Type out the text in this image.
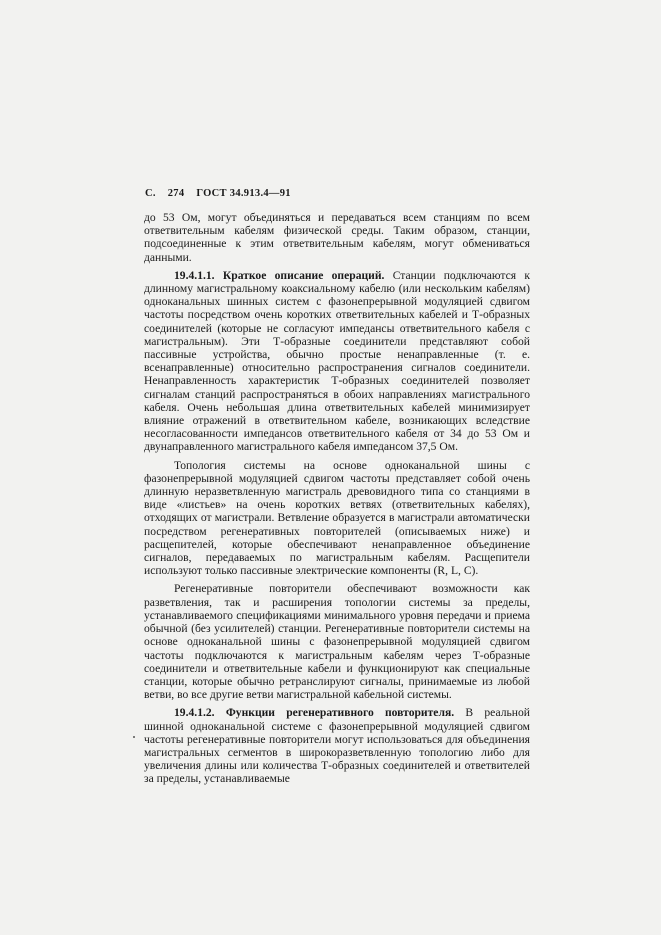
С. 274 ГОСТ 34.913.4—91

до 53 Ом, могут объединяться и передаваться всем станциям по всем ответвительным кабелям физической среды. Таким образом, станции, подсоединенные к этим ответвительным кабелям, могут обмениваться данными.

19.4.1.1. Краткое описание операций. Станции подключаются к длинному магистральному коаксиальному кабелю (или нескольким кабелям) одноканальных шинных систем с фазонепрерывной модуляцией сдвигом частоты посредством очень коротких ответвительных кабелей и Т-образных соединителей (которые не согласуют импедансы ответвительного кабеля с магистральным). Эти Т-образные соединители представляют собой пассивные устройства, обычно простые ненаправленные (т. е. всенаправленные) относительно распространения сигналов соединители. Ненаправленность характеристик Т-образных соединителей позволяет сигналам станций распространяться в обоих направлениях магистрального кабеля. Очень небольшая длина ответвительных кабелей минимизирует влияние отражений в ответвительном кабеле, возникающих вследствие несогласованности импедансов ответвительного кабеля от 34 до 53 Ом и двунаправленного магистрального кабеля импедансом 37,5 Ом.

Топология системы на основе одноканальной шины с фазонепрерывной модуляцией сдвигом частоты представляет собой очень длинную неразветвленную магистраль древовидного типа со станциями в виде «листьев» на очень коротких ветвях (ответвительных кабелях), отходящих от магистрали. Ветвление образуется в магистрали автоматически посредством регенеративных повторителей (описываемых ниже) и расщепителей, которые обеспечивают ненаправленное объединение сигналов, передаваемых по магистральным кабелям. Расщепители используют только пассивные электрические компоненты (R, L, C).

Регенеративные повторители обеспечивают возможности как разветвления, так и расширения топологии системы за пределы, устанавливаемого спецификациями минимального уровня передачи и приема обычной (без усилителей) станции. Регенеративные повторители системы на основе одноканальной шины с фазонепрерывной модуляцией сдвигом частоты подключаются к магистральным кабелям через Т-образные соединители и ответвительные кабели и функционируют как специальные станции, которые обычно ретранслируют сигналы, принимаемые из любой ветви, во все другие ветви магистральной кабельной системы.

19.4.1.2. Функции регенеративного повторителя. В реальной шинной одноканальной системе с фазонепрерывной модуляцией сдвигом частоты регенеративные повторители могут использоваться для объединения магистральных сегментов в широкоразветвленную топологию либо для увеличения длины или количества Т-образных соединителей и ответвителей за пределы, устанавливаемые
